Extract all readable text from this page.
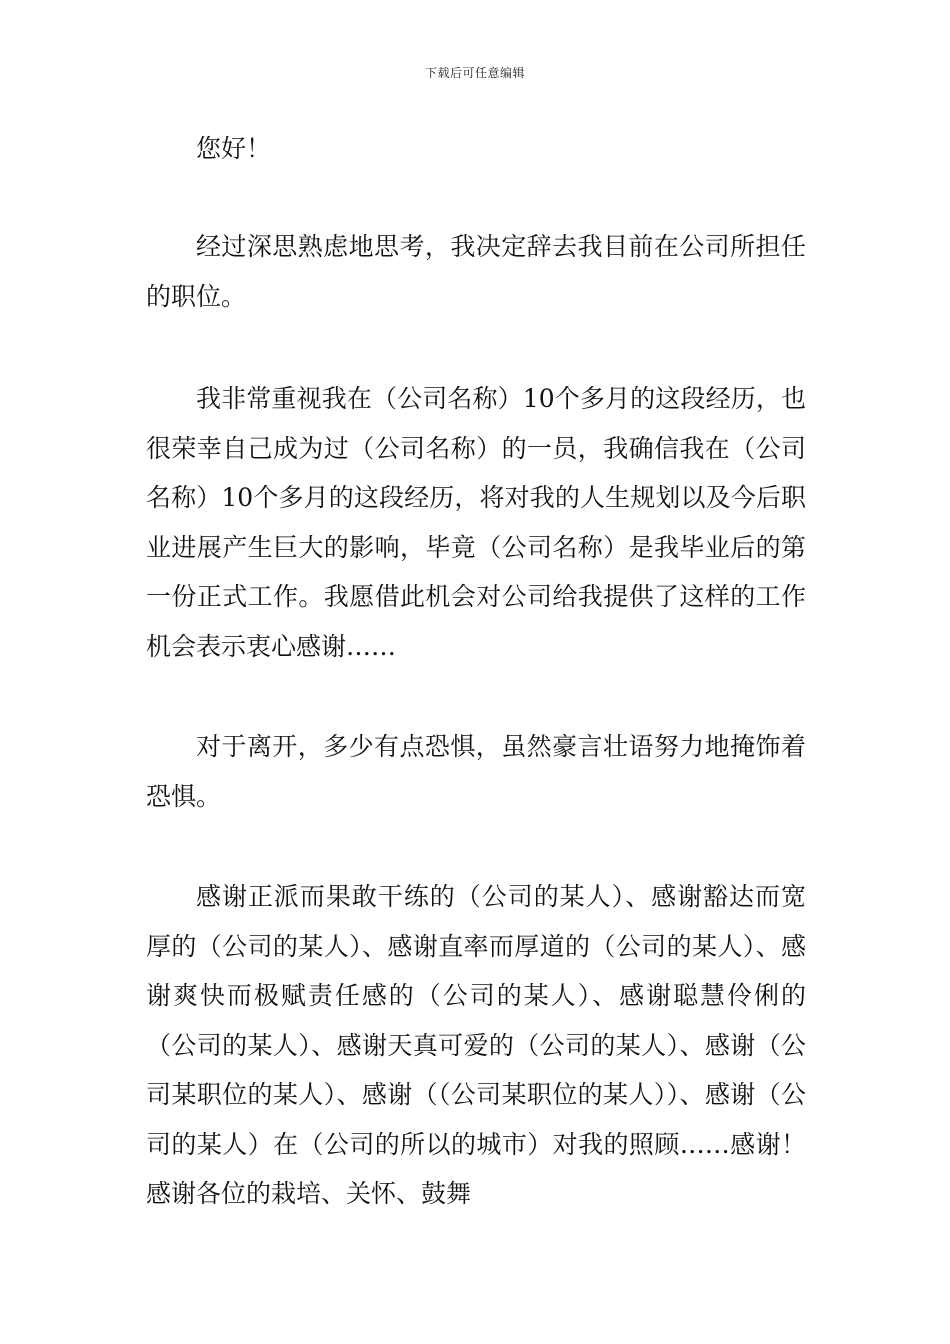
下载后可任意编辑

您好！

经过深思熟虑地思考，我决定辞去我目前在公司所担任的职位。

我非常重视我在（公司名称）10个多月的这段经历，也很荣幸自己成为过（公司名称）的一员，我确信我在（公司名称）10个多月的这段经历，将对我的人生规划以及今后职业进展产生巨大的影响，毕竟（公司名称）是我毕业后的第一份正式工作。我愿借此机会对公司给我提供了这样的工作机会表示衷心感谢……

对于离开，多少有点恐惧，虽然豪言壮语努力地掩饰着恐惧。

感谢正派而果敢干练的（公司的某人）、感谢豁达而宽厚的（公司的某人）、感谢直率而厚道的（公司的某人）、感谢爽快而极赋责任感的（公司的某人）、感谢聪慧伶俐的（公司的某人）、感谢天真可爱的（公司的某人）、感谢（公司某职位的某人）、感谢（（公司某职位的某人））、感谢（公司的某人）在（公司的所以的城市）对我的照顾……感谢！感谢各位的栽培、关怀、鼓舞
